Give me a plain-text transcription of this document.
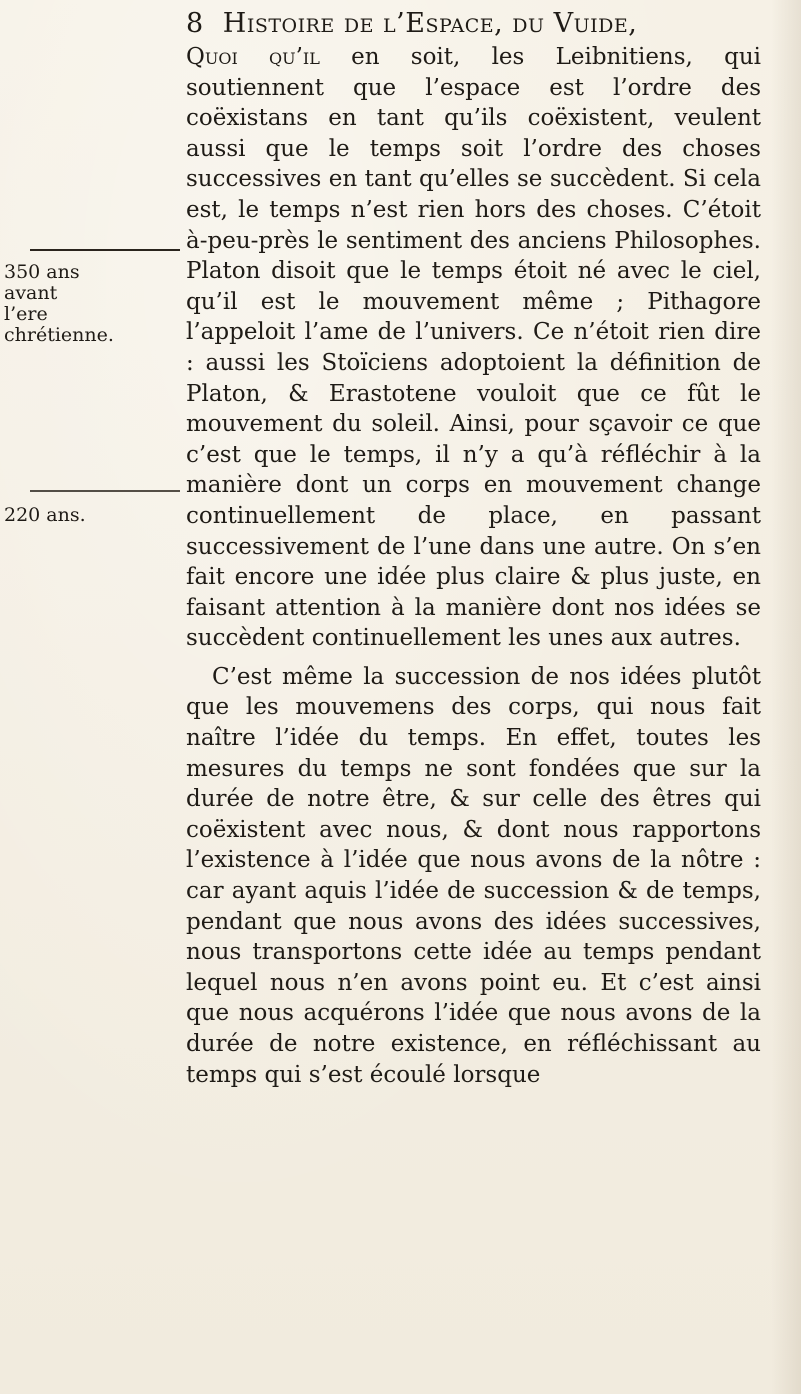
8 Histoire de l’Espace, du Vuide,
350 ans avant l’ere chrétienne.
220 ans.

Quoi qu’il en soit, les Leibnitiens, qui soutiennent que l’espace est l’ordre des coëxistans en tant qu’ils coëxistent, veulent aussi que le temps soit l’ordre des choses successives en tant qu’elles se succèdent. Si cela est, le temps n’est rien hors des choses. C’étoit à-peu-près le sentiment des anciens Philosophes. Platon disoit que le temps étoit né avec le ciel, qu’il est le mouvement même ; Pithagore l’appeloit l’ame de l’univers. Ce n’étoit rien dire : aussi les Stoïciens adoptoient la définition de Platon, & Erastotene vouloit que ce fût le mouvement du soleil. Ainsi, pour sçavoir ce que c’est que le temps, il n’y a qu’à réfléchir à la manière dont un corps en mouvement change continuellement de place, en passant successivement de l’une dans une autre. On s’en fait encore une idée plus claire & plus juste, en faisant attention à la manière dont nos idées se succèdent continuellement les unes aux autres.

C’est même la succession de nos idées plutôt que les mouvemens des corps, qui nous fait naître l’idée du temps. En effet, toutes les mesures du temps ne sont fondées que sur la durée de notre être, & sur celle des êtres qui coëxistent avec nous, & dont nous rapportons l’existence à l’idée que nous avons de la nôtre : car ayant aquis l’idée de succession & de temps, pendant que nous avons des idées successives, nous transportons cette idée au temps pendant lequel nous n’en avons point eu. Et c’est ainsi que nous acquérons l’idée que nous avons de la durée de notre existence, en réfléchissant au temps qui s’est écoulé lorsque
